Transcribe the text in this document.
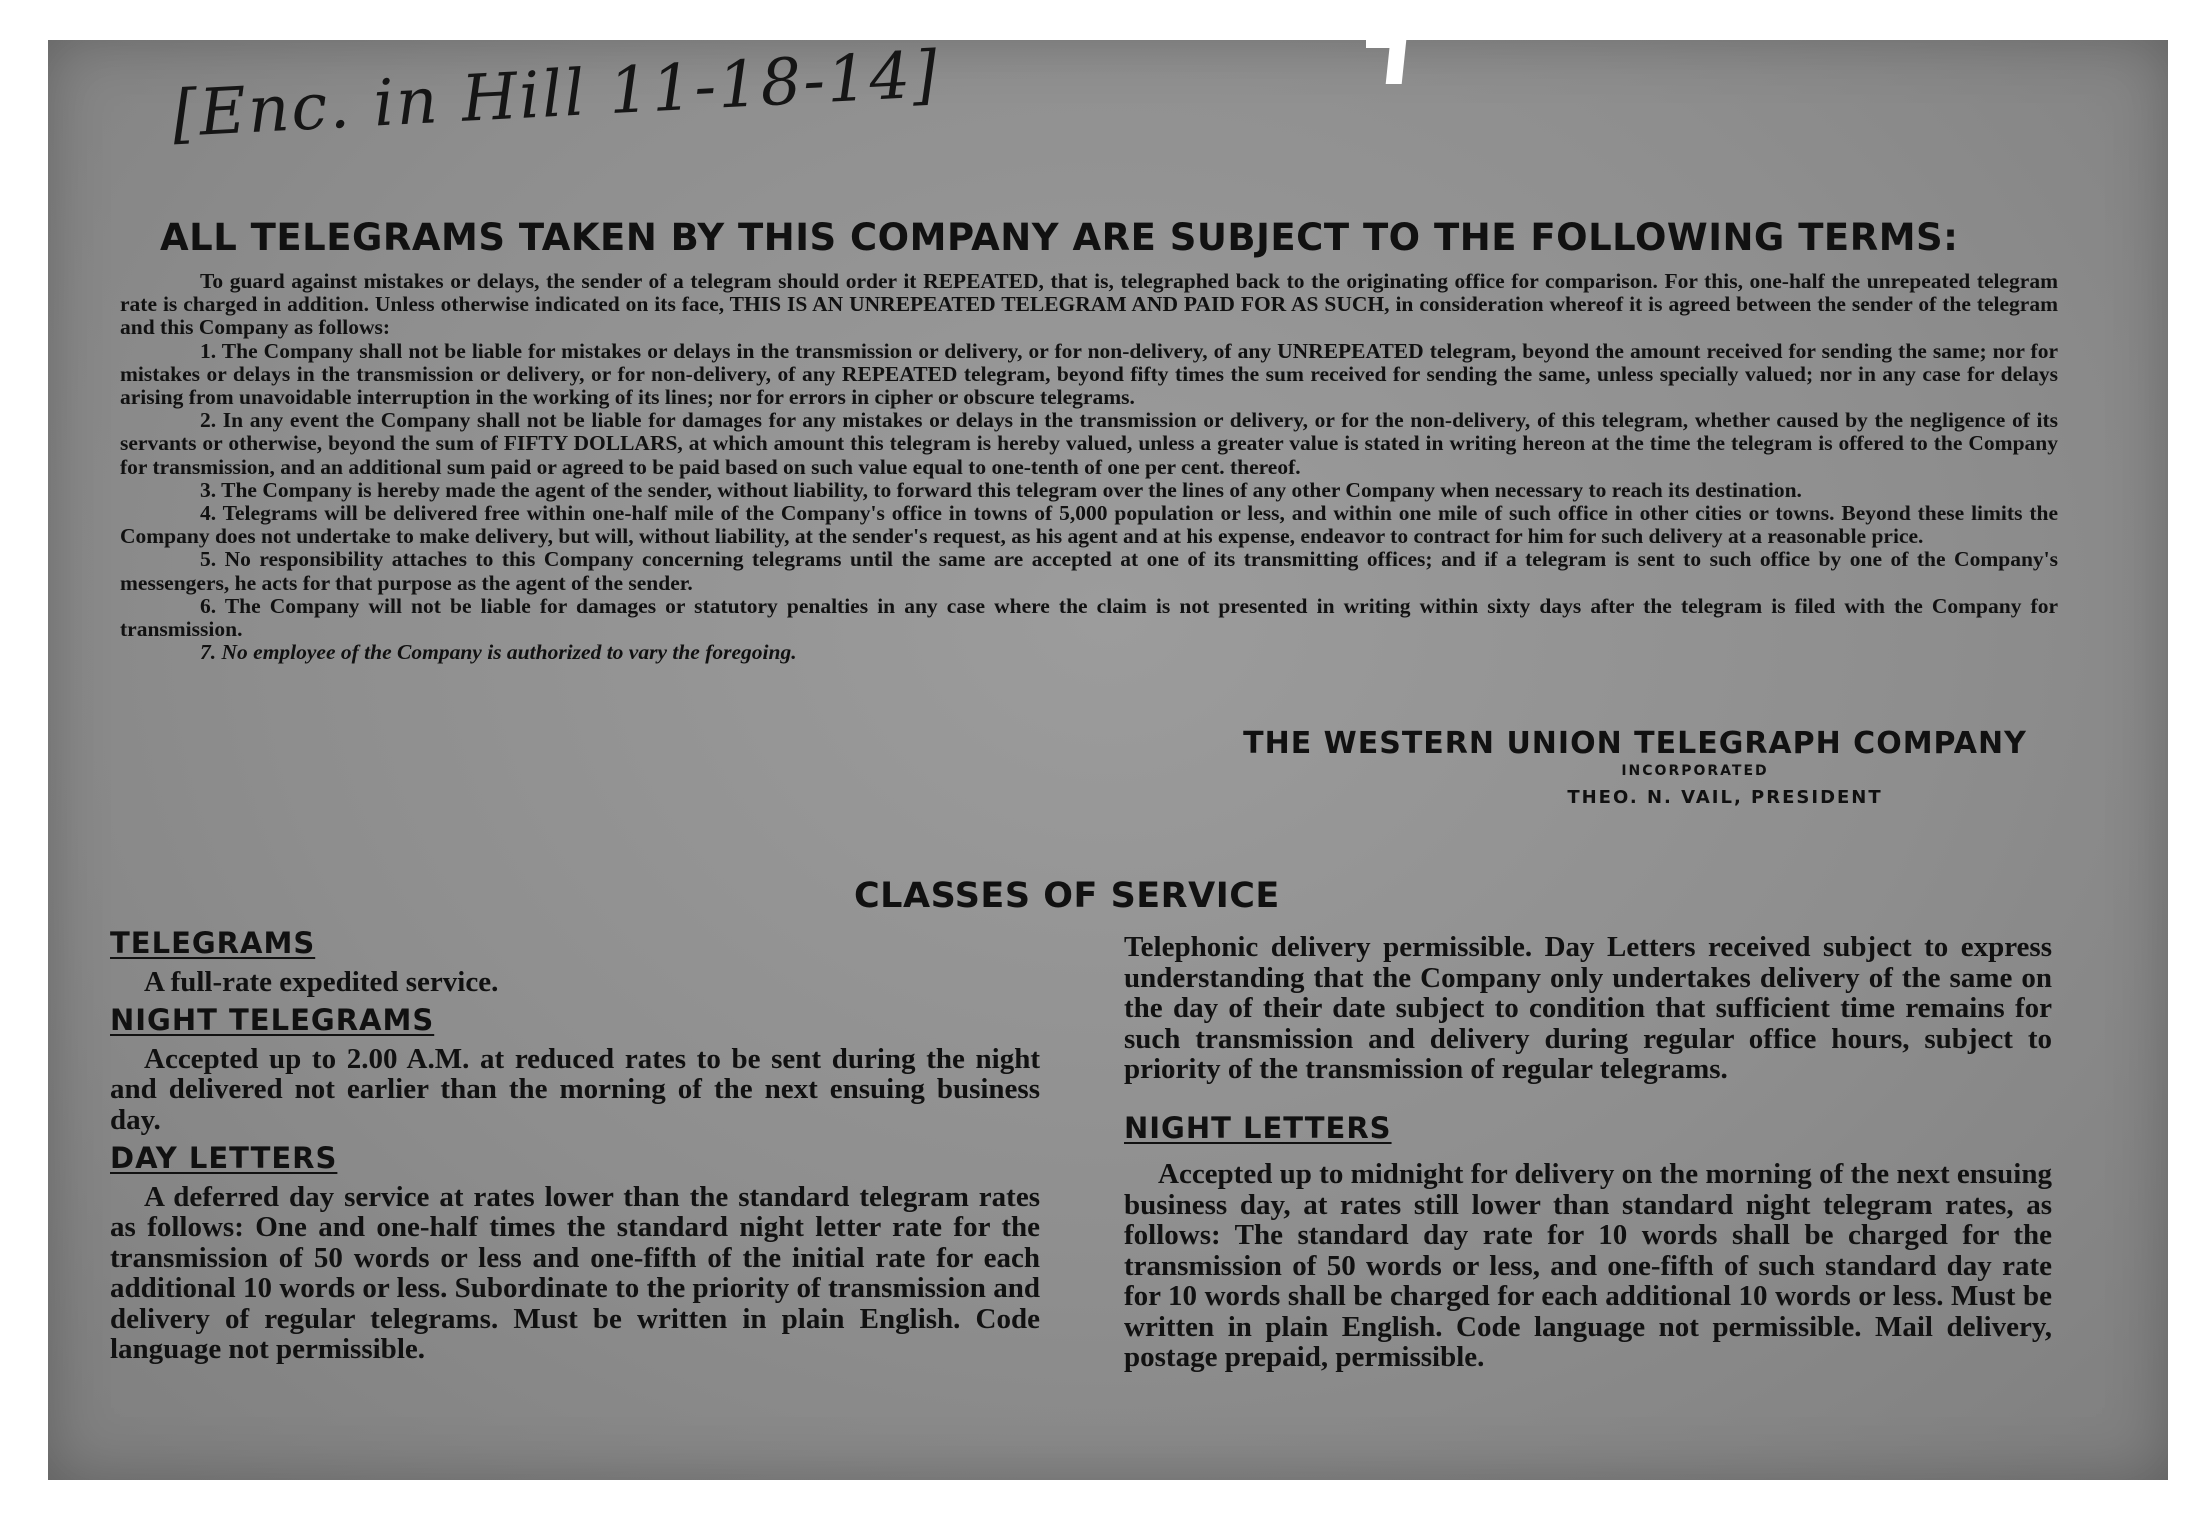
[Enc. in Hill 11-18-14]
ALL TELEGRAMS TAKEN BY THIS COMPANY ARE SUBJECT TO THE FOLLOWING TERMS:

To guard against mistakes or delays, the sender of a telegram should order it REPEATED, that is, telegraphed back to the originating office for comparison. For this, one-half the unrepeated telegram rate is charged in addition. Unless otherwise indicated on its face, THIS IS AN UNREPEATED TELEGRAM AND PAID FOR AS SUCH, in consideration whereof it is agreed between the sender of the telegram and this Company as follows:

1. The Company shall not be liable for mistakes or delays in the transmission or delivery, or for non-delivery, of any UNREPEATED telegram, beyond the amount received for sending the same; nor for mistakes or delays in the transmission or delivery, or for non-delivery, of any REPEATED telegram, beyond fifty times the sum received for sending the same, unless specially valued; nor in any case for delays arising from unavoidable interruption in the working of its lines; nor for errors in cipher or obscure telegrams.

2. In any event the Company shall not be liable for damages for any mistakes or delays in the transmission or delivery, or for the non-delivery, of this telegram, whether caused by the negligence of its servants or otherwise, beyond the sum of FIFTY DOLLARS, at which amount this telegram is hereby valued, unless a greater value is stated in writing hereon at the time the telegram is offered to the Company for transmission, and an additional sum paid or agreed to be paid based on such value equal to one-tenth of one per cent. thereof.

3. The Company is hereby made the agent of the sender, without liability, to forward this telegram over the lines of any other Company when necessary to reach its destination.

4. Telegrams will be delivered free within one-half mile of the Company's office in towns of 5,000 population or less, and within one mile of such office in other cities or towns. Beyond these limits the Company does not undertake to make delivery, but will, without liability, at the sender's request, as his agent and at his expense, endeavor to contract for him for such delivery at a reasonable price.

5. No responsibility attaches to this Company concerning telegrams until the same are accepted at one of its transmitting offices; and if a telegram is sent to such office by one of the Company's messengers, he acts for that purpose as the agent of the sender.

6. The Company will not be liable for damages or statutory penalties in any case where the claim is not presented in writing within sixty days after the telegram is filed with the Company for transmission.

7. No employee of the Company is authorized to vary the foregoing.

THE WESTERN UNION TELEGRAPH COMPANY
INCORPORATED
THEO. N. VAIL, PRESIDENT
CLASSES OF SERVICE
TELEGRAMS

A full-rate expedited service.

NIGHT TELEGRAMS

Accepted up to 2.00 A.M. at reduced rates to be sent during the night and delivered not earlier than the morning of the next ensuing business day.

DAY LETTERS

A deferred day service at rates lower than the standard telegram rates as follows: One and one-half times the standard night letter rate for the transmission of 50 words or less and one-fifth of the initial rate for each additional 10 words or less. Subordinate to the priority of transmission and delivery of regular telegrams. Must be written in plain English. Code language not permissible.

Telephonic delivery permissible. Day Letters received subject to express understanding that the Company only undertakes delivery of the same on the day of their date subject to condition that sufficient time remains for such transmission and delivery during regular office hours, subject to priority of the transmission of regular telegrams.

NIGHT LETTERS

Accepted up to midnight for delivery on the morning of the next ensuing business day, at rates still lower than standard night telegram rates, as follows: The standard day rate for 10 words shall be charged for the transmission of 50 words or less, and one-fifth of such standard day rate for 10 words shall be charged for each additional 10 words or less. Must be written in plain English. Code language not permissible. Mail delivery, postage prepaid, permissible.
